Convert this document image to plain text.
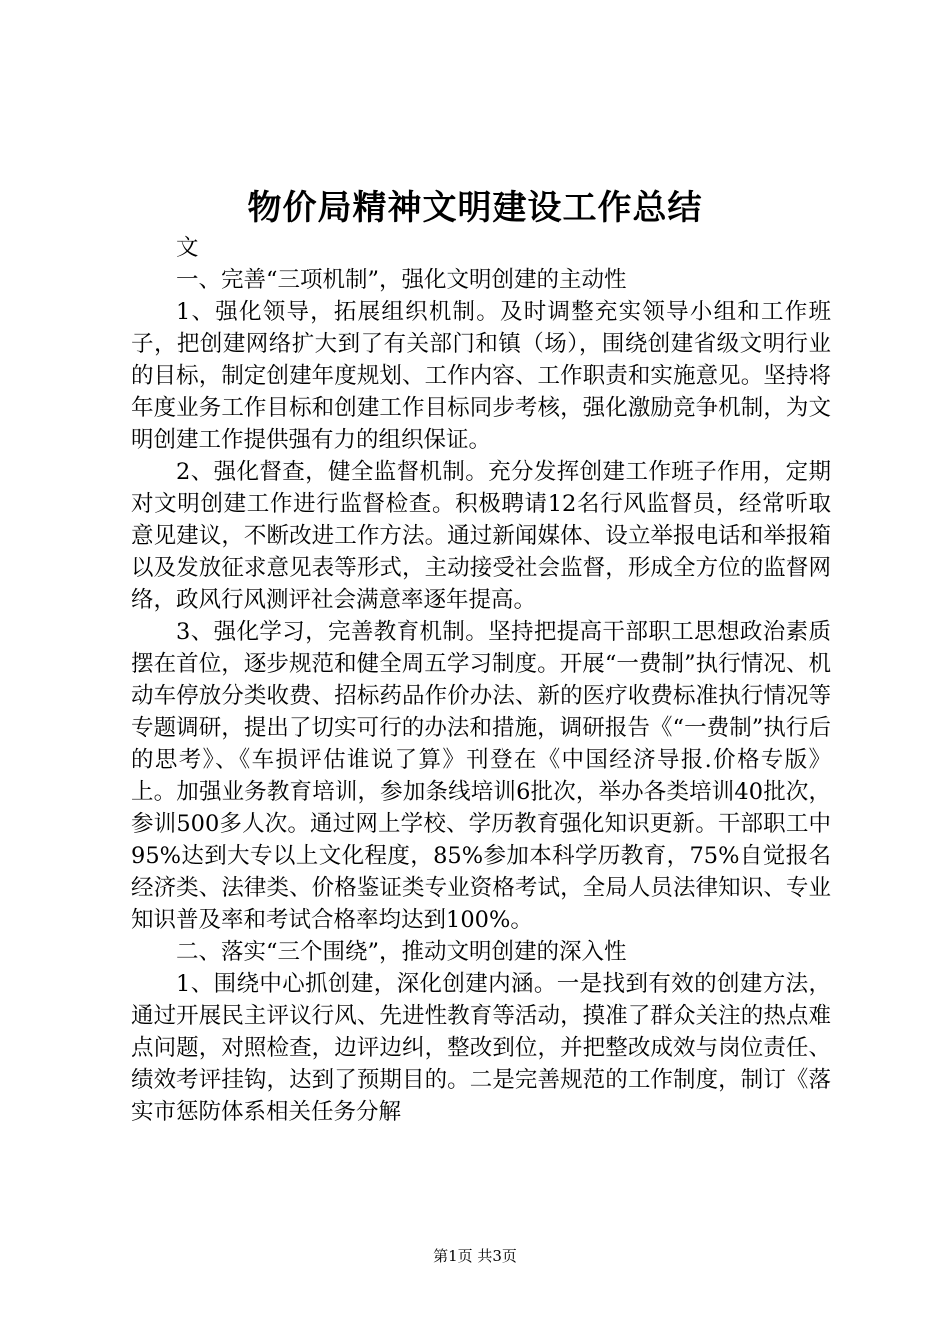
物价局精神文明建设工作总结

文

一、完善“三项机制”，强化文明创建的主动性

1、强化领导，拓展组织机制。及时调整充实领导小组和工作班子，把创建网络扩大到了有关部门和镇（场），围绕创建省级文明行业的目标，制定创建年度规划、工作内容、工作职责和实施意见。坚持将年度业务工作目标和创建工作目标同步考核，强化激励竞争机制，为文明创建工作提供强有力的组织保证。

2、强化督查，健全监督机制。充分发挥创建工作班子作用，定期对文明创建工作进行监督检查。积极聘请12名行风监督员，经常听取意见建议，不断改进工作方法。通过新闻媒体、设立举报电话和举报箱以及发放征求意见表等形式，主动接受社会监督，形成全方位的监督网络，政风行风测评社会满意率逐年提高。

3、强化学习，完善教育机制。坚持把提高干部职工思想政治素质摆在首位，逐步规范和健全周五学习制度。开展“一费制”执行情况、机动车停放分类收费、招标药品作价办法、新的医疗收费标准执行情况等专题调研，提出了切实可行的办法和措施，调研报告《“一费制”执行后的思考》、《车损评估谁说了算》刊登在《中国经济导报.价格专版》上。加强业务教育培训，参加条线培训6批次，举办各类培训40批次，参训500多人次。通过网上学校、学历教育强化知识更新。干部职工中95%达到大专以上文化程度，85%参加本科学历教育，75%自觉报名经济类、法律类、价格鉴证类专业资格考试，全局人员法律知识、专业知识普及率和考试合格率均达到100%。

二、落实“三个围绕”，推动文明创建的深入性

1、围绕中心抓创建，深化创建内涵。一是找到有效的创建方法，通过开展民主评议行风、先进性教育等活动，摸准了群众关注的热点难点问题，对照检查，边评边纠，整改到位，并把整改成效与岗位责任、绩效考评挂钩，达到了预期目的。二是完善规范的工作制度，制订《落实市惩防体系相关任务分解

第1页 共3页
